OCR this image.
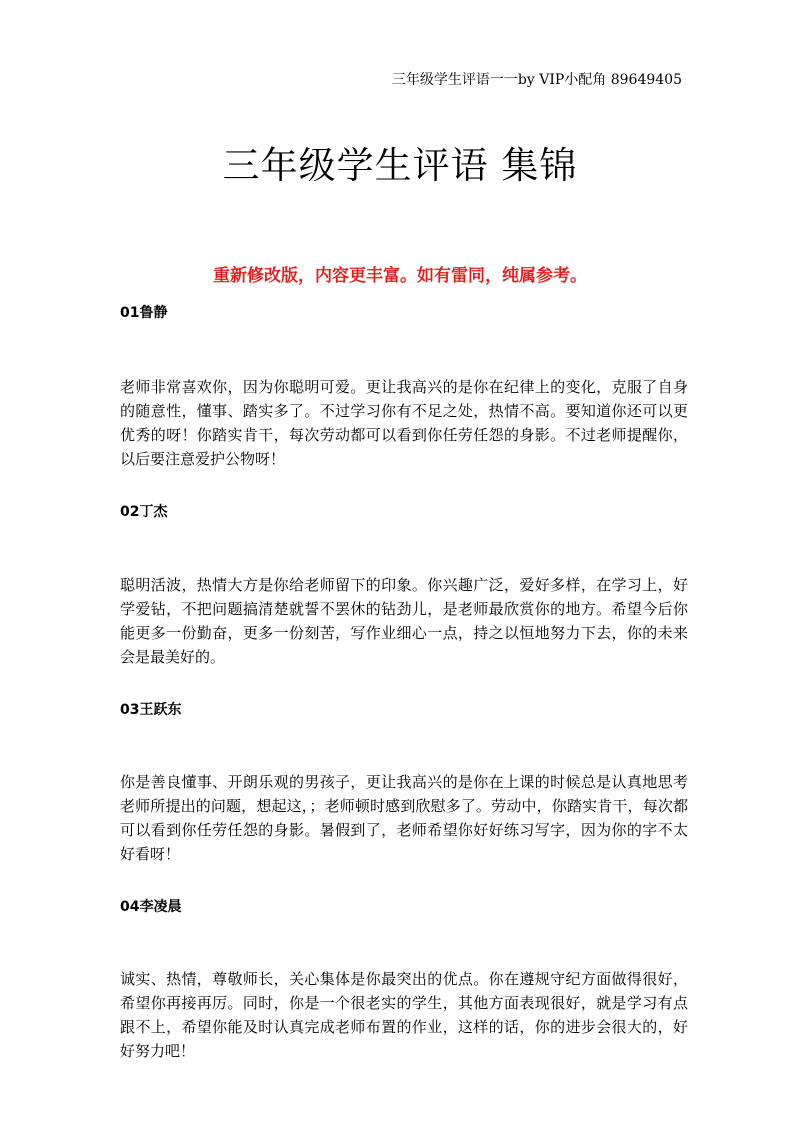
三年级学生评语一一by VIP小配角 89649405
三年级学生评语 集锦
重新修改版，内容更丰富。如有雷同，纯属参考。
01鲁静
老师非常喜欢你，因为你聪明可爱。更让我高兴的是你在纪律上的变化，克服了自身的随意性，懂事、踏实多了。不过学习你有不足之处，热情不高。要知道你还可以更优秀的呀！你踏实肯干，每次劳动都可以看到你任劳任怨的身影。不过老师提醒你，以后要注意爱护公物呀！
02丁杰
聪明活波，热情大方是你给老师留下的印象。你兴趣广泛，爱好多样，在学习上，好学爱钻，不把问题搞清楚就誓不罢休的钻劲儿，是老师最欣赏你的地方。希望今后你能更多一份勤奋，更多一份刻苦，写作业细心一点，持之以恒地努力下去，你的未来会是最美好的。
03王跃东
你是善良懂事、开朗乐观的男孩子，更让我高兴的是你在上课的时候总是认真地思考老师所提出的问题，想起这，；老师顿时感到欣慰多了。劳动中，你踏实肯干，每次都可以看到你任劳任怨的身影。暑假到了，老师希望你好好练习写字，因为你的字不太好看呀！
04李凌晨
诚实、热情，尊敬师长，关心集体是你最突出的优点。你在遵规守纪方面做得很好，希望你再接再厉。同时，你是一个很老实的学生，其他方面表现很好，就是学习有点跟不上，希望你能及时认真完成老师布置的作业，这样的话，你的进步会很大的，好好努力吧！
